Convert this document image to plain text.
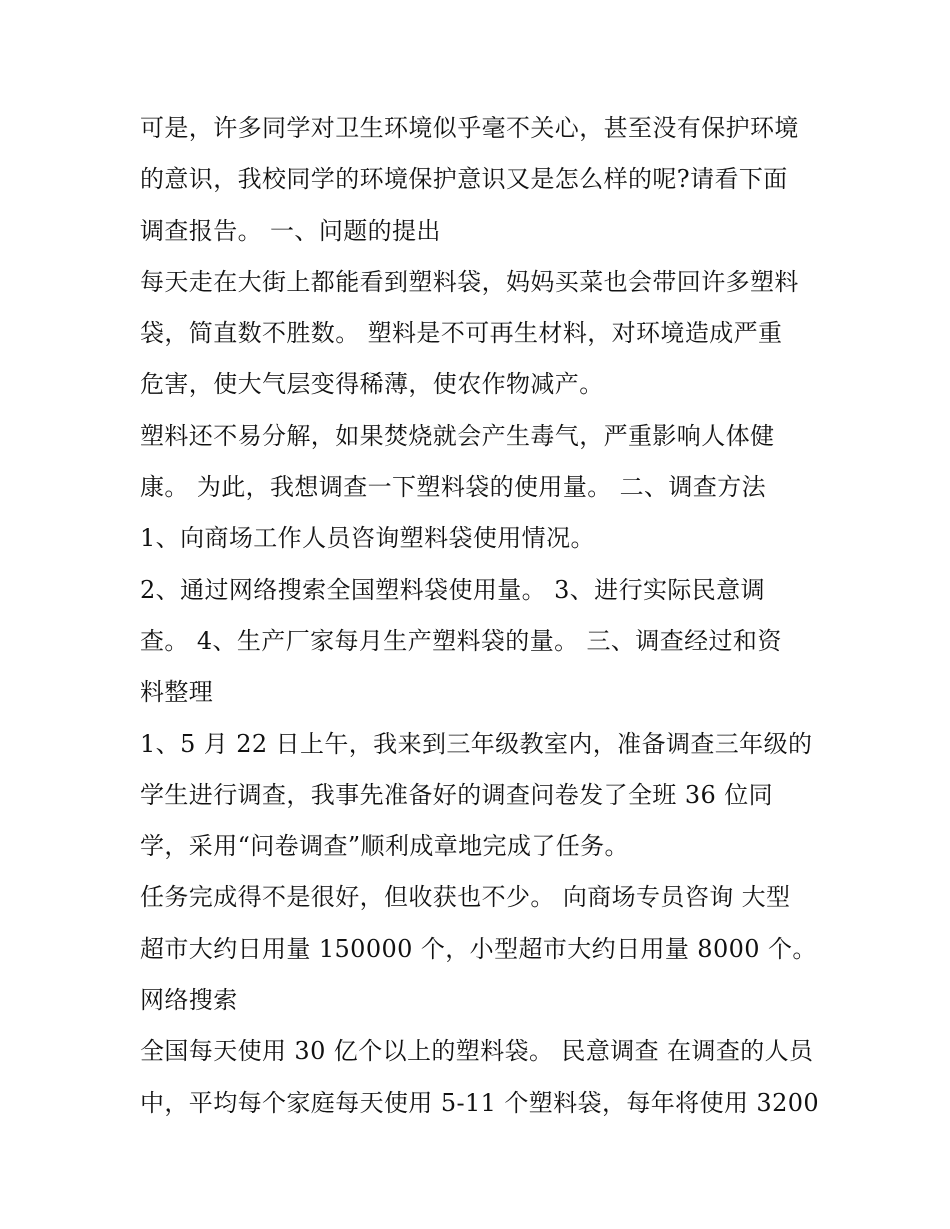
可是，许多同学对卫生环境似乎毫不关心，甚至没有保护环境
的意识，我校同学的环境保护意识又是怎么样的呢?请看下面
调查报告。 一、问题的提出
每天走在大街上都能看到塑料袋，妈妈买菜也会带回许多塑料
袋，简直数不胜数。 塑料是不可再生材料，对环境造成严重
危害，使大气层变得稀薄，使农作物减产。
塑料还不易分解，如果焚烧就会产生毒气，严重影响人体健
康。 为此，我想调查一下塑料袋的使用量。 二、调查方法
1、向商场工作人员咨询塑料袋使用情况。
2、通过网络搜索全国塑料袋使用量。 3、进行实际民意调
查。 4、生产厂家每月生产塑料袋的量。 三、调查经过和资
料整理
1、5 月 22 日上午，我来到三年级教室内，准备调查三年级的
学生进行调查，我事先准备好的调查问卷发了全班 36 位同
学，采用“问卷调查”顺利成章地完成了任务。
任务完成得不是很好，但收获也不少。 向商场专员咨询 大型
超市大约日用量 150000 个，小型超市大约日用量 8000 个。
网络搜索
全国每天使用 30 亿个以上的塑料袋。 民意调查 在调查的人员
中，平均每个家庭每天使用 5-11 个塑料袋，每年将使用 3200
